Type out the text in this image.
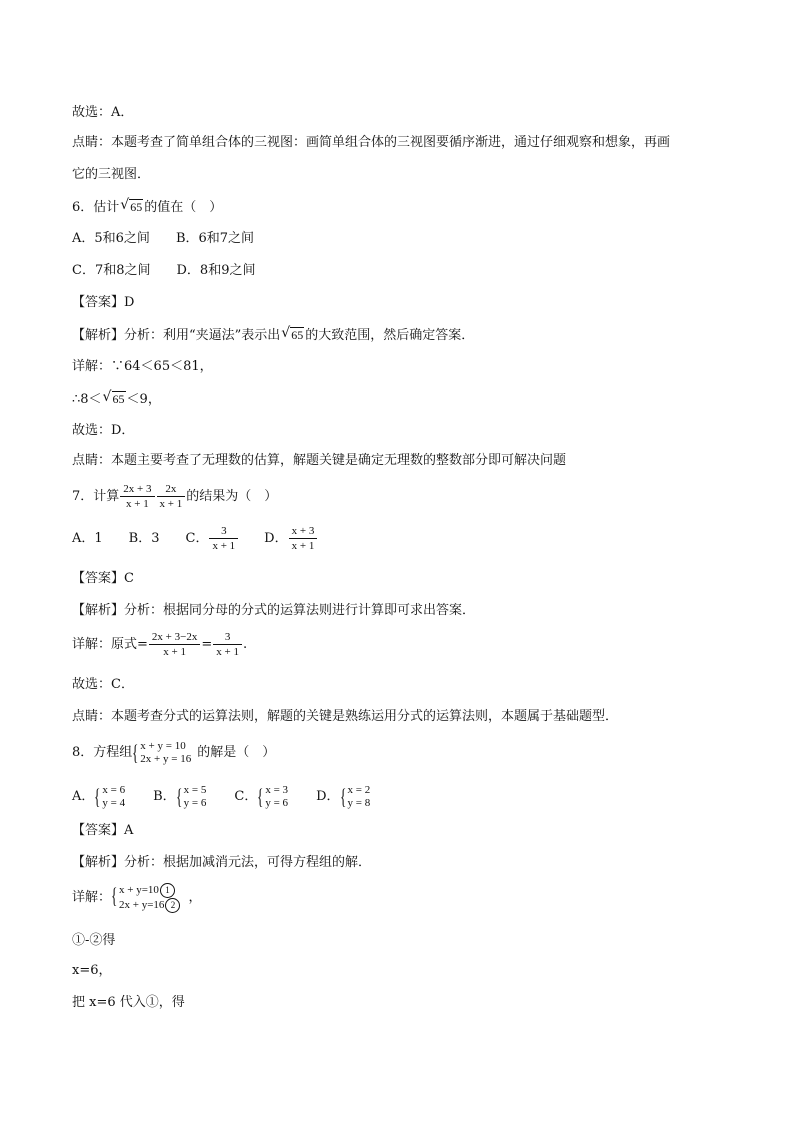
故选：A．
点睛：本题考查了简单组合体的三视图：画简单组合体的三视图要循序渐进，通过仔细观察和想象，再画
它的三视图．
6．估计 √ 65 的值在（　）
A．5和6之间 B．6和7之间
C．7和8之间 D．8和9之间
【答案】D
【解析】分析：利用“夹逼法”表示出 √ 65 的大致范围，然后确定答案．
详解：∵64＜65＜81，
∴8＜ √ 65 ＜9，
故选：D．
点睛：本题主要考查了无理数的估算，解题关键是确定无理数的整数部分即可解决问题
7．计算 $\frac{2x + 3}{x + 1} \frac{2x}{x + 1}$ 的结果为（　）
A．1 B．3 C． $\frac{3}{x + 1}$ D． $\frac{x + 3}{x + 1}$
【答案】C
【解析】分析：根据同分母的分式的运算法则进行计算即可求出答案．
详解：原式= $\frac{2x + 3-2x}{x + 1} = \frac{3}{x + 1}$ .
故选：C．
点睛：本题考查分式的运算法则，解题的关键是熟练运用分式的运算法则，本题属于基础题型．
8．方程组 { x + y = 10
2x + y = 16 的解是（　）
A． { x = 6
y = 4 B． { x = 5
y = 6 C． { x = 3
y = 6 D． { x = 2
y = 8
【答案】A
【解析】分析：根据加减消元法，可得方程组的解．
详解： { x + y=10 1
2x + y=16 2	，
①-②得
x=6，
把 x=6 代入①，得
